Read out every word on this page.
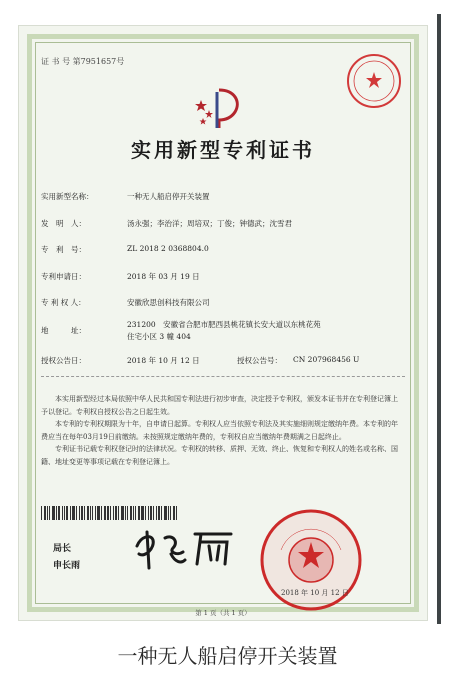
证 书 号 第7951657号
实用新型专利证书
实用新型名称：	一种无人船启停开关装置
发　明　人：	汤永强；李治洋；周培双；丁俊；钟德武；沈雪君
专　利　号：	ZL 2018 2 0368804.0
专利申请日：	2018 年 03 月 19 日
专 利 权 人：	安徽欣思创科技有限公司
地　　　址：
231200　安徽省合肥市肥西县桃花镇长安大道以东桃花苑
住宅小区 3 幢 404
授权公告日：	2018 年 10 月 12 日	授权公告号： CN 207968456 U

本实用新型经过本局依照中华人民共和国专利法进行初步审查，决定授予专利权，颁发本证书并在专利登记簿上予以登记。专利权自授权公告之日起生效。

本专利的专利权期限为十年，自申请日起算。专利权人应当依照专利法及其实施细则规定缴纳年费。本专利的年费应当在每年03月19日前缴纳。未按照规定缴纳年费的，专利权自应当缴纳年费期满之日起终止。

专利证书记载专利权登记时的法律状况。专利权的转移、质押、无效、终止、恢复和专利权人的姓名或名称、国籍、地址变更等事项记载在专利登记簿上。

局长
申长雨
2018 年 10 月 12 日
第 1 页（共 1 页）
一种无人船启停开关装置
